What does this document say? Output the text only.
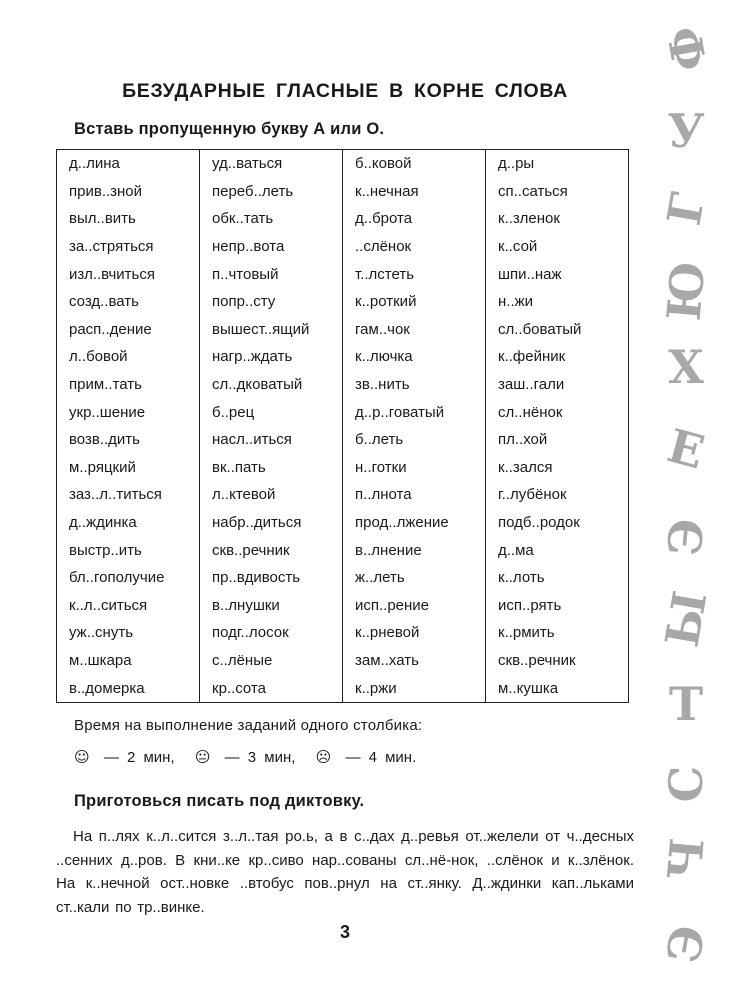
БЕЗУДАРНЫЕ ГЛАСНЫЕ В КОРНЕ СЛОВА
Вставь пропущенную букву А или О.
д..лина	уд..ваться	б..ковой	д..ры
прив..зной	переб..леть	к..нечная	сп..саться
выл..вить	обк..тать	д..брота	к..зленок
за..стряться	непр..вота	..слёнок	к..сой
изл..вчиться	п..чтовый	т..лстеть	шпи..наж
созд..вать	попр..сту	к..роткий	н..жи
расп..дение	вышест..ящий	гам..чок	сл..боватый
л..бовой	нагр..ждать	к..лючка	к..фейник
прим..тать	сл..дковатый	зв..нить	заш..гали
укр..шение	б..рец	д..р..говатый	сл..нёнок
возв..дить	насл..иться	б..леть	пл..хой
м..ряцкий	вк..пать	н..готки	к..зался
заз..л..титься	л..ктевой	п..лнота	г..лубёнок
д..ждинка	набр..диться	прод..лжение	подб..родок
выстр..ить	скв..речник	в..лнение	д..ма
бл..гополучие	пр..вдивость	ж..леть	к..лоть
к..л..ситься	в..лнушки	исп..рение	исп..рять
уж..снуть	подг..лосок	к..рневой	к..рмить
м..шкара	с..лёные	зам..хать	скв..речник
в..домерка	кр..сота	к..ржи	м..кушка
Время на выполнение заданий одного столбика:
☺ — 2 мин, 😐 — 3 мин, ☹ — 4 мин.
Приготовься писать под диктовку.

На п..лях к..л..сится з..л..тая ро.ь, а в с..дах д..ревья от..желели от ч..десных ..сенних д..ров. В кни..ке кр..сиво нар..сованы сл..нё-нок, ..слёнок и к..злёнок. На к..нечной ост..новке ..втобус пов..рнул на ст..янку. Д..ждинки кап..льками ст..кали по тр..винке.

3
Ф
У
Г
Ю
Х
Е
Э
Ы
Т
С
Ч
Э
